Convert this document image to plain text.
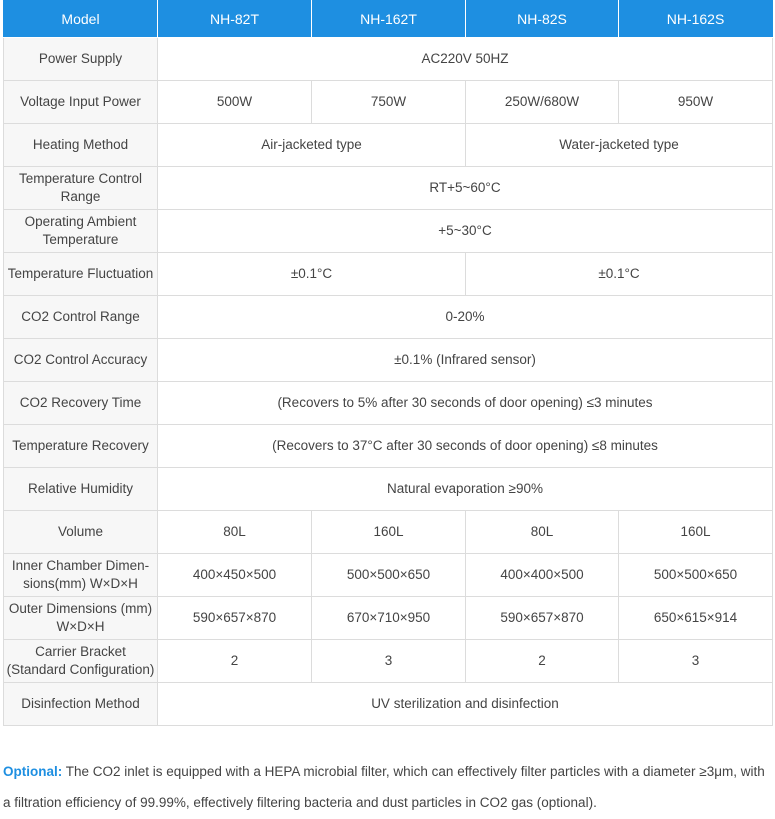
Model	NH-82T	NH-162T	NH-82S	NH-162S
Power Supply	AC220V 50HZ			
Voltage Input Power	500W	750W	250W/680W	950W
Heating Method	Air-jacketed type		Water-jacketed type	
Temperature Control Range	RT+5~60°C			
Operating Ambient Temperature	+5~30°C			
Temperature Fluctuation	±0.1°C		±0.1°C	
CO2 Control Range	0-20%			
CO2 Control Accuracy	±0.1% (Infrared sensor)			
CO2 Recovery Time	(Recovers to 5% after 30 seconds of door opening) ≤3 minutes			
Temperature Recovery	(Recovers to 37°C after 30 seconds of door opening) ≤8 minutes			
Relative Humidity	Natural evaporation ≥90%			
Volume	80L	160L	80L	160L
Inner Chamber Dimen-sions(mm) W×D×H	400×450×500	500×500×650	400×400×500	500×500×650
Outer Dimensions (mm) W×D×H	590×657×870	670×710×950	590×657×870	650×615×914
Carrier Bracket (Standard Configuration)	2	3	2	3
Disinfection Method	UV sterilization and disinfection			

Optional: The CO2 inlet is equipped with a HEPA microbial filter, which can effectively filter particles with a diameter ≥3μm, with a filtration efficiency of 99.99%, effectively filtering bacteria and dust particles in CO2 gas (optional).
